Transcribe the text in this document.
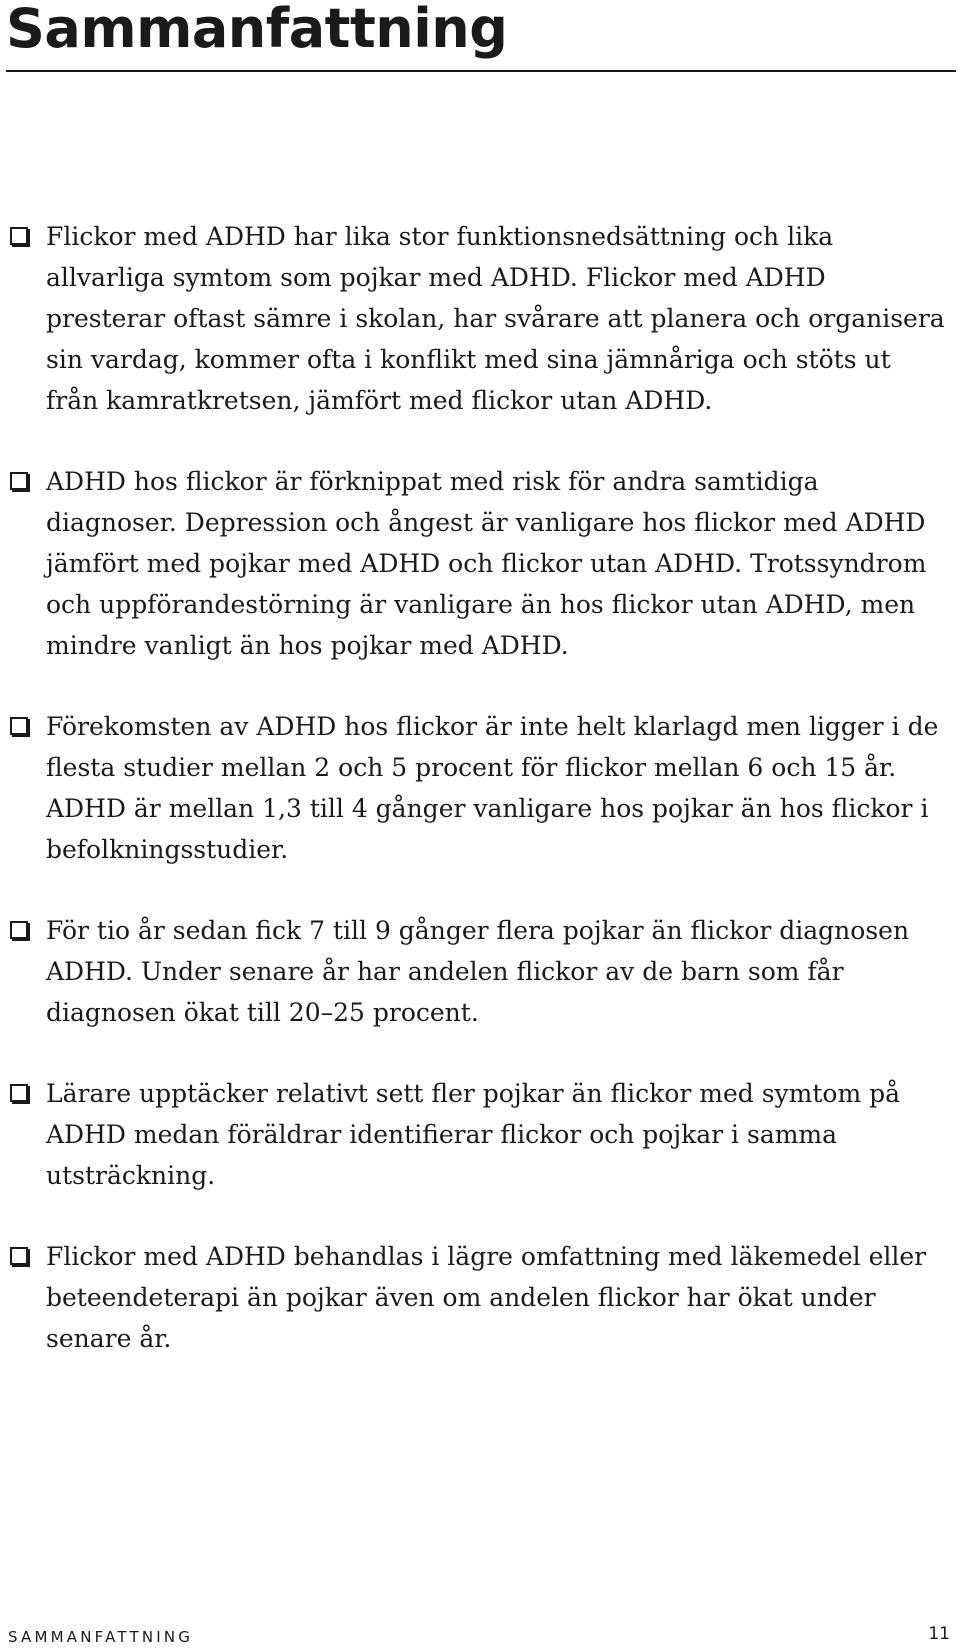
Sammanfattning
Flickor med ADHD har lika stor funktionsnedsättning och lika allvarliga symtom som pojkar med ADHD. Flickor med ADHD presterar oftast sämre i skolan, har svårare att planera och organisera sin vardag, kommer ofta i konflikt med sina jämnåriga och stöts ut från kamratkretsen, jämfört med flickor utan ADHD.
ADHD hos flickor är förknippat med risk för andra samtidiga diagnoser. Depression och ångest är vanligare hos flickor med ADHD jämfört med pojkar med ADHD och flickor utan ADHD. Trotssyndrom och uppförandestörning är vanligare än hos flickor utan ADHD, men mindre vanligt än hos pojkar med ADHD.
Förekomsten av ADHD hos flickor är inte helt klarlagd men ligger i de flesta studier mellan 2 och 5 procent för flickor mellan 6 och 15 år. ADHD är mellan 1,3 till 4 gånger vanligare hos pojkar än hos flickor i befolkningsstudier.
För tio år sedan fick 7 till 9 gånger flera pojkar än flickor diagnosen ADHD. Under senare år har andelen flickor av de barn som får diagnosen ökat till 20–25 procent.
Lärare upptäcker relativt sett fler pojkar än flickor med symtom på ADHD medan föräldrar identifierar flickor och pojkar i samma utsträckning.
Flickor med ADHD behandlas i lägre omfattning med läkemedel eller beteendeterapi än pojkar även om andelen flickor har ökat under senare år.
SAMMANFATTNING	11
